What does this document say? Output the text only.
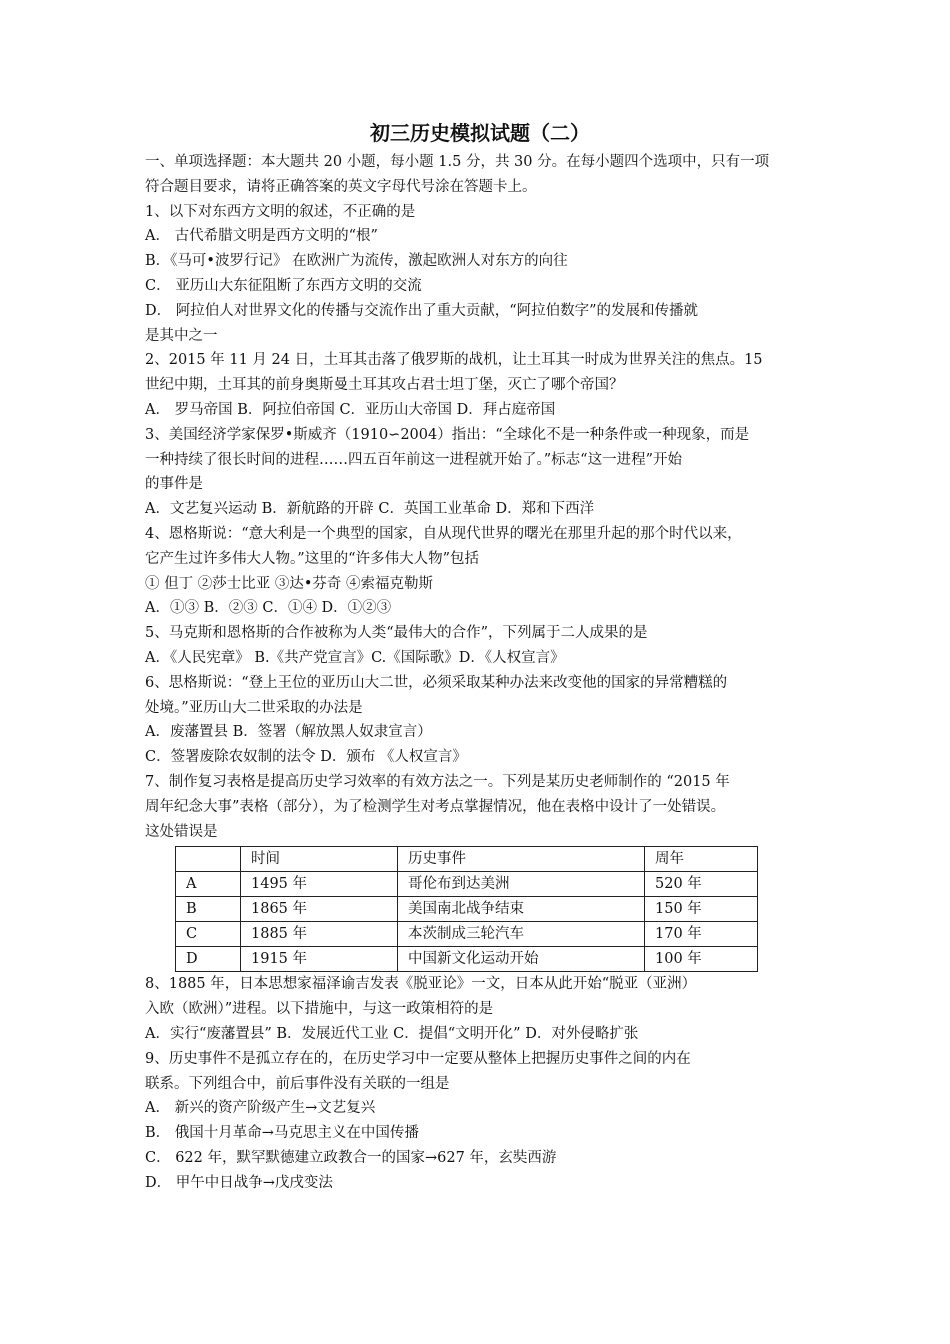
初三历史模拟试题（二）
一、单项选择题：本大题共 20 小题，每小题 1.5 分，共 30 分。在每小题四个选项中，只有一项
符合题目要求，请将正确答案的英文字母代号涂在答题卡上。
1、以下对东西方文明的叙述，不正确的是
A． 古代希腊文明是西方文明的“根”
B．《马可•波罗行记》 在欧洲广为流传，激起欧洲人对东方的向往
C． 亚历山大东征阻断了东西方文明的交流
D． 阿拉伯人对世界文化的传播与交流作出了重大贡献，“阿拉伯数字”的发展和传播就
是其中之一
2、2015 年 11 月 24 日，土耳其击落了俄罗斯的战机，让土耳其一时成为世界关注的焦点。15
世纪中期，土耳其的前身奥斯曼土耳其攻占君士坦丁堡，灭亡了哪个帝国？
A． 罗马帝国 B．阿拉伯帝国 C．亚历山大帝国 D．拜占庭帝国
3、美国经济学家保罗•斯威齐（1910∽2004）指出：“全球化不是一种条件或一种现象，而是
一种持续了很长时间的进程……四五百年前这一进程就开始了。”标志“这一进程”开始
的事件是
A．文艺复兴运动 B．新航路的开辟 C．英国工业革命 D．郑和下西洋
4、恩格斯说：“意大利是一个典型的国家，自从现代世界的曙光在那里升起的那个时代以来，
它产生过许多伟大人物。”这里的“许多伟大人物”包括
① 但丁 ②莎士比亚 ③达•芬奇 ④索福克勒斯
A．①③ B．②③ C．①④ D．①②③
5、马克斯和恩格斯的合作被称为人类“最伟大的合作”，下列属于二人成果的是
A．《人民宪章》 B.《共产党宣言》C.《国际歌》D．《人权宣言》
6、思格斯说：“登上王位的亚历山大二世，必须采取某种办法来改变他的国家的异常糟糕的
处境。”亚历山大二世采取的办法是
A．废藩置县 B．签署（解放黑人奴隶宣言）
C．签署废除农奴制的法令 D．颁布 《人权宣言》
7、制作复习表格是提高历史学习效率的有效方法之一。下列是某历史老师制作的 “2015 年
周年纪念大事”表格（部分），为了检测学生对考点掌握情况，他在表格中设计了一处错误。
这处错误是
	时间	历史事件	周年
A	1495 年	哥伦布到达美洲	520 年
B	1865 年	美国南北战争结束	150 年
C	1885 年	本茨制成三轮汽车	170 年
D	1915 年	中国新文化运动开始	100 年
8、1885 年，日本思想家福泽谕吉发表《脱亚论》一文，日本从此开始“脱亚（亚洲）
入欧（欧洲）”进程。以下措施中，与这一政策相符的是
A．实行“废藩置县” B．发展近代工业 C．提倡“文明开化” D．对外侵略扩张
9、历史事件不是孤立存在的，在历史学习中一定要从整体上把握历史事件之间的内在
联系。下列组合中，前后事件没有关联的一组是
A． 新兴的资产阶级产生→文艺复兴
B． 俄国十月革命→马克思主义在中国传播
C． 622 年，默罕默德建立政教合一的国家→627 年，玄奘西游
D． 甲午中日战争→戊戌变法
